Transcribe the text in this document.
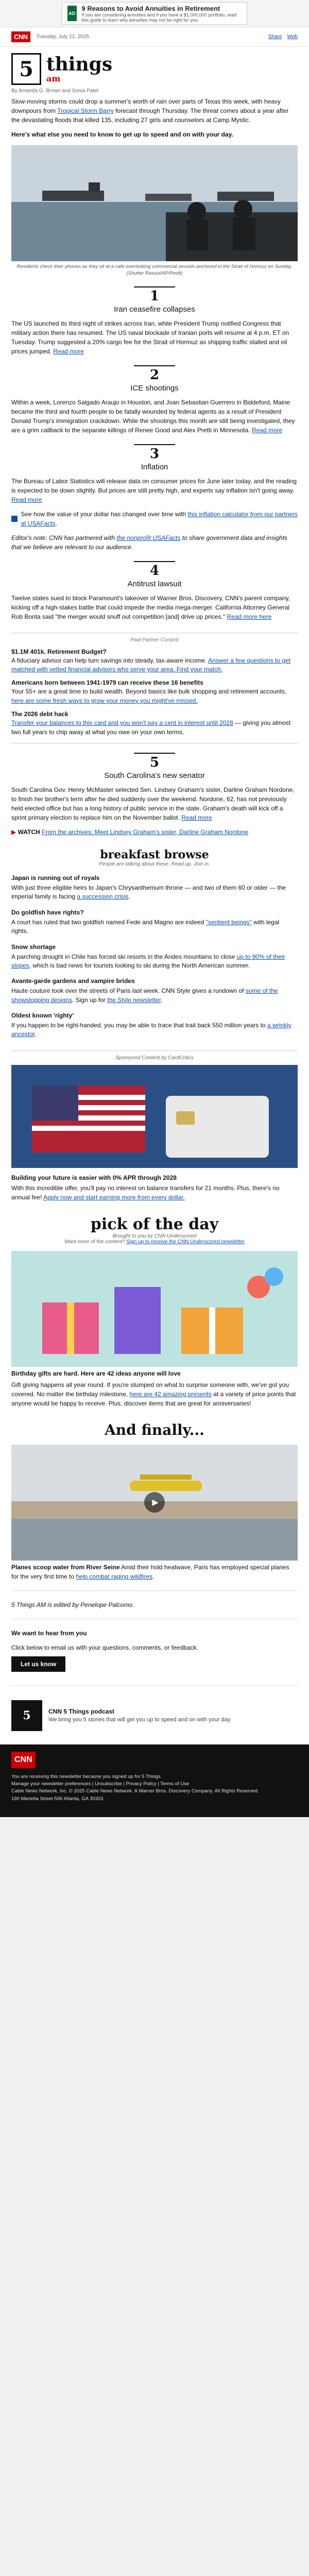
AD
9 Reasons to Avoid Annuities in Retirement
If you are considering annuities and if you have a $1,000,000 portfolio, read this guide to learn why annuities may not be right for you.
CNN	Tuesday, July 22, 2025	Share Web
5 things
am
By Amanda G. Brown and Sonia Patel

Slow-moving storms could drop a summer's worth of rain over parts of Texas this week, with heavy downpours from Tropical Storm Barry forecast through Thursday. The threat comes about a year after the devastating floods that killed 135, including 27 girls and counselors at Camp Mystic.

Here's what else you need to know to get up to speed and on with your day.

Residents check their phones as they sit at a cafe overlooking commercial vessels anchored in the Strait of Hormuz on Sunday. (Shutter Rasoul/AP/Redit)
1
Iran ceasefire collapses

The US launched its third night of strikes across Iran, while President Trump notified Congress that military action there has resumed. The US naval blockade of Iranian ports will resume at 4 p.m. ET on Tuesday. Trump suggested a 20% cargo fee for the Strait of Hormuz as shipping traffic stalled and oil prices jumped. Read more

2
ICE shootings

Within a week, Lorenzo Salgado Araujo in Houston, and Joan Sebastian Guerrero in Biddeford, Maine became the third and fourth people to be fatally wounded by federal agents as a result of President Donald Trump's immigration crackdown. While the shootings this month are still being investigated, they are a grim callback to the separate killings of Renee Good and Alex Pretti in Minnesota. Read more

3
Inflation

The Bureau of Labor Statistics will release data on consumer prices for June later today, and the reading is expected to be down slightly. But prices are still pretty high, and experts say inflation isn't going away. Read more

See how the value of your dollar has changed over time with this inflation calculator from our partners at USAFacts.

Editor's note: CNN has partnered with the nonprofit USAFacts to share government data and insights that we believe are relevant to our audience.

4
Antitrust lawsuit

Twelve states sued to block Paramount's takeover of Warner Bros. Discovery, CNN's parent company, kicking off a high-stakes battle that could impede the media mega-merger. California Attorney General Rob Bonta said "the merger would snuff out competition [and] drive up prices." Read more here

Paid Partner Content
$1.1M 401k. Retirement Budget?

A fiduciary advisor can help turn savings into steady, tax-aware income. Answer a few questions to get matched with vetted financial advisors who serve your area. Find your match.

Americans born between 1941-1979 can receive these 16 benefits

Your 55+ are a great time to build wealth. Beyond basics like bulk shopping and retirement accounts, here are some fresh ways to grow your money you might've missed.

The 2026 debt hack

Transfer your balances to this card and you won't pay a cent in interest until 2028 — giving you almost two full years to chip away at what you owe on your own terms.

5
South Carolina's new senator

South Carolina Gov. Henry McMaster selected Sen. Lindsey Graham's sister, Darline Graham Nordone, to finish her brother's term after he died suddenly over the weekend. Nordone, 62, has not previously held elected office but has a long history of public service in the state. Graham's death will kick off a sprint primary election to replace him on the November ballot. Read more

▶ WATCH From the archives: Meet Lindsey Graham's sister, Darline Graham Nordone

breakfast browse
People are talking about these. Read up. Join in.
Japan is running out of royals

With just three eligible heirs to Japan's Chrysanthemum throne — and two of them 60 or older — the imperial family is facing a succession crisis.

Do goldfish have rights?

A court has ruled that two goldfish named Fede and Magno are indeed "sentient beings" with legal rights.

Snow shortage

A parching drought in Chile has forced ski resorts in the Andes mountains to close up to 90% of their slopes, which is bad news for tourists looking to ski during the North American summer.

Avante-garde gardens and vampire brides

Haute couture took over the streets of Paris last week. CNN Style gives a rundown of some of the showstopping designs. Sign up for the Style newsletter.

Oldest known 'righty'

If you happen to be right-handed, you may be able to trace that trait back 550 million years to a wrinkly ancestor.

Sponsored Content by CardCritics
Building your future is easier with 0% APR through 2028

With this incredible offer, you'll pay no interest on balance transfers for 21 months. Plus, there's no annual fee! Apply now and start earning more from every dollar.

pick of the day
Brought to you by CNN Underscored
Want more of the content? Sign up to receive the CNN Underscored newsletter

Birthday gifts are hard. Here are 42 ideas anyone will love

Gift giving happens all year round. If you're stumped on what to surprise someone with, we've got you covered. No matter the birthday milestone, here are 42 amazing presents at a variety of price points that anyone would be happy to receive. Plus, discover items that are great for anniversaries!

And finally...
▶

Planes scoop water from River Seine Amid their hold heatwave, Paris has employed special planes for the very first time to help combat raging wildfires.

5 Things AM is edited by Penelope Palcomo.

We want to hear from you

Click below to email us with your questions, comments, or feedback.

Let us know
5	CNN 5 Things podcast

We bring you 5 stories that will get you up to speed and on with your day.

CNN

You are receiving this newsletter because you signed up for 5 Things.

Manage your newsletter preferences | Unsubscribe | Privacy Policy | Terms of Use

Cable News Network, Inc. © 2025 Cable News Network. A Warner Bros. Discovery Company. All Rights Reserved.

190 Marietta Street NW Atlanta, GA 30303
